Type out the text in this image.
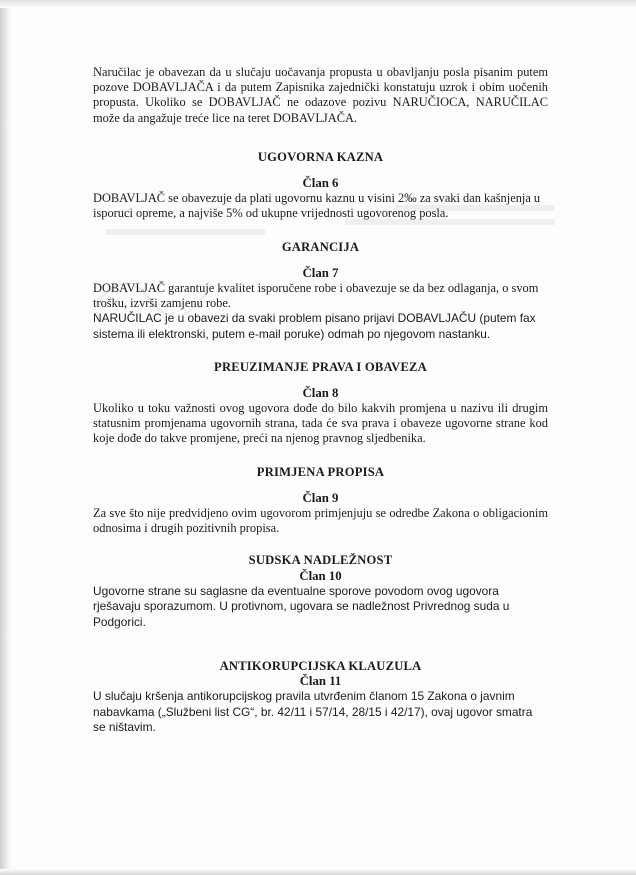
Naručilac je obavezan da u slučaju uočavanja propusta u obavljanju posla pisanim putem pozove DOBAVLJAČA i da putem Zapisnika zajednički konstatuju uzrok i obim uočenih propusta. Ukoliko se DOBAVLJAČ ne odazove pozivu NARUČIOCA, NARUČILAC može da angažuje treće lice na teret DOBAVLJAČA.

UGOVORNA KAZNA

Član 6

DOBAVLJAČ se obavezuje da plati ugovornu kaznu u visini 2‰ za svaki dan kašnjenja u isporuci opreme, a najviše 5% od ukupne vrijednosti ugovorenog posla.

GARANCIJA

Član 7

DOBAVLJAČ garantuje kvalitet isporučene robe i obavezuje se da bez odlaganja, o svom trošku, izvrši zamjenu robe.

NARUČILAC je u obavezi da svaki problem pisano prijavi DOBAVLJAČU (putem fax sistema ili elektronski, putem e-mail poruke) odmah po njegovom nastanku.

PREUZIMANJE PRAVA I OBAVEZA

Član 8

Ukoliko u toku važnosti ovog ugovora dođe do bilo kakvih promjena u nazivu ili drugim statusnim promjenama ugovornih strana, tada će sva prava i obaveze ugovorne strane kod koje dođe do takve promjene, preći na njenog pravnog sljedbenika.

PRIMJENA PROPISA

Član 9

Za sve što nije predvidjeno ovim ugovorom primjenjuju se odredbe Zakona o obligacionim odnosima i drugih pozitivnih propisa.

SUDSKA NADLEŽNOST

Član 10

Ugovorne strane su saglasne da eventualne sporove povodom ovog ugovora rješavaju sporazumom. U protivnom, ugovara se nadležnost Privrednog suda u Podgorici.

ANTIKORUPCIJSKA KLAUZULA

Član 11

U slučaju kršenja antikorupcijskog pravila utvrđenim članom 15 Zakona o javnim nabavkama („Službeni list CG“, br. 42/11 i 57/14, 28/15 i 42/17), ovaj ugovor smatra se ništavim.
